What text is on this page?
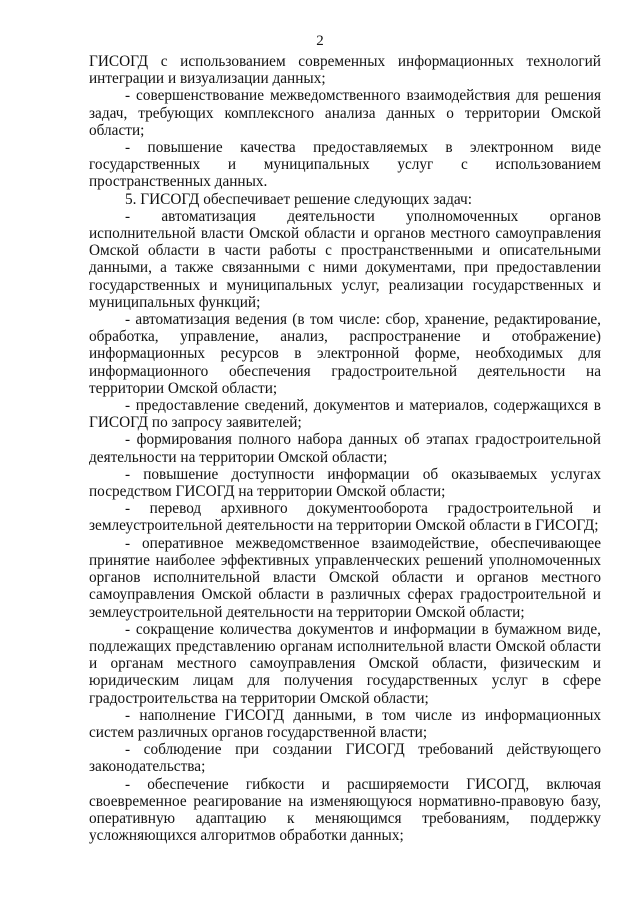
2

ГИСОГД с использованием современных информационных технологий интеграции и визуализации данных;

- совершенствование межведомственного взаимодействия для решения задач, требующих комплексного анализа данных о территории Омской области;

- повышение качества предоставляемых в электронном виде государственных и муниципальных услуг с использованием пространственных данных.

5. ГИСОГД обеспечивает решение следующих задач:

- автоматизация деятельности уполномоченных органов исполнительной власти Омской области и органов местного самоуправления Омской области в части работы с пространственными и описательными данными, а также связанными с ними документами, при предоставлении государственных и муниципальных услуг, реализации государственных и муниципальных функций;

- автоматизация ведения (в том числе: сбор, хранение, редактирование, обработка, управление, анализ, распространение и отображение) информационных ресурсов в электронной форме, необходимых для информационного обеспечения градостроительной деятельности на территории Омской области;

- предоставление сведений, документов и материалов, содержащихся в ГИСОГД по запросу заявителей;

- формирования полного набора данных об этапах градостроительной деятельности на территории Омской области;

- повышение доступности информации об оказываемых услугах посредством ГИСОГД на территории Омской области;

- перевод архивного документооборота градостроительной и землеустроительной деятельности на территории Омской области в ГИСОГД;

- оперативное межведомственное взаимодействие, обеспечивающее принятие наиболее эффективных управленческих решений уполномоченных органов исполнительной власти Омской области и органов местного самоуправления Омской области в различных сферах градостроительной и землеустроительной деятельности на территории Омской области;

- сокращение количества документов и информации в бумажном виде, подлежащих представлению органам исполнительной власти Омской области и органам местного самоуправления Омской области, физическим и юридическим лицам для получения государственных услуг в сфере градостроительства на территории Омской области;

- наполнение ГИСОГД данными, в том числе из информационных систем различных органов государственной власти;

- соблюдение при создании ГИСОГД требований действующего законодательства;

- обеспечение гибкости и расширяемости ГИСОГД, включая своевременное реагирование на изменяющуюся нормативно-правовую базу, оперативную адаптацию к меняющимся требованиям, поддержку усложняющихся алгоритмов обработки данных;
